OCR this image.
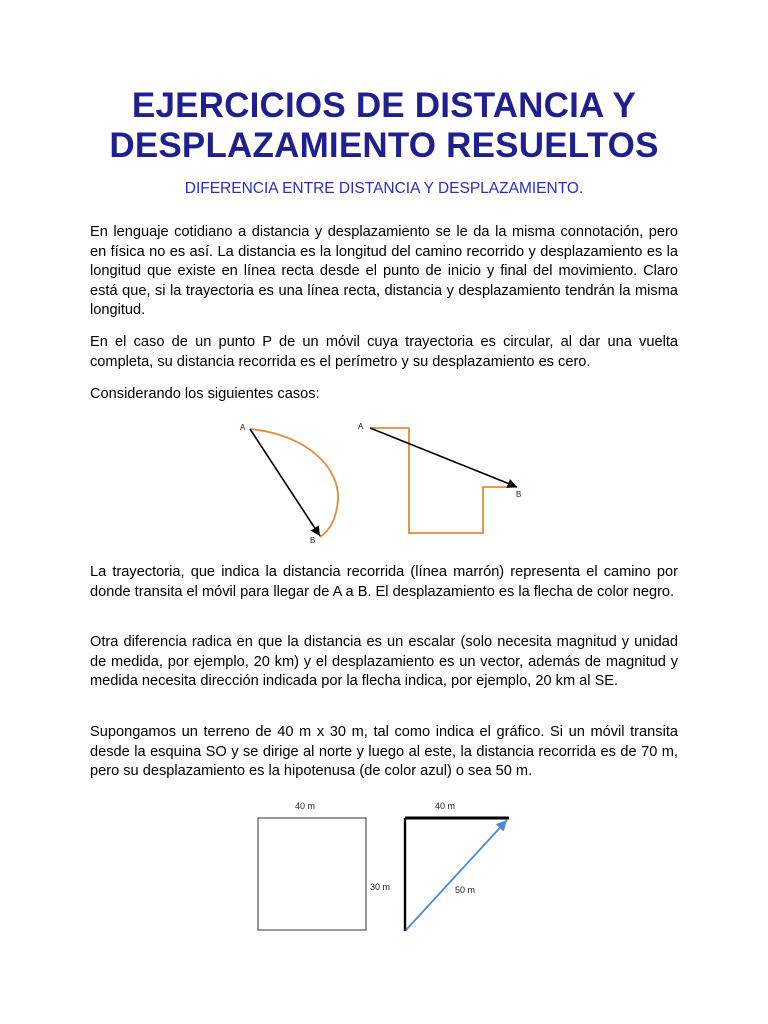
EJERCICIOS DE DISTANCIA Y
DESPLAZAMIENTO RESUELTOS
DIFERENCIA ENTRE DISTANCIA Y DESPLAZAMIENTO.

En lenguaje cotidiano a distancia y desplazamiento se le da la misma connotación, pero en física no es así. La distancia es la longitud del camino recorrido y desplazamiento es la longitud que existe en línea recta desde el punto de inicio y final del movimiento. Claro está que, si la trayectoria es una línea recta, distancia y desplazamiento tendrán la misma longitud.

En el caso de un punto P de un móvil cuya trayectoria es circular, al dar una vuelta completa, su distancia recorrida es el perímetro y su desplazamiento es cero.

Considerando los siguientes casos:

A
B
A
B

La trayectoria, que indica la distancia recorrida (línea marrón) representa el camino por donde transita el móvil para llegar de A a B. El desplazamiento es la flecha de color negro.

Otra diferencia radica en que la distancia es un escalar (solo necesita magnitud y unidad de medida, por ejemplo, 20 km) y el desplazamiento es un vector, además de magnitud y medida necesita dirección indicada por la flecha indica, por ejemplo, 20 km al SE.

Supongamos un terreno de 40 m x 30 m, tal como indica el gráfico. Si un móvil transita desde la esquina SO y se dirige al norte y luego al este, la distancia recorrida es de 70 m, pero su desplazamiento es la hipotenusa (de color azul) o sea 50 m.

40 m
30 m
40 m
50 m
